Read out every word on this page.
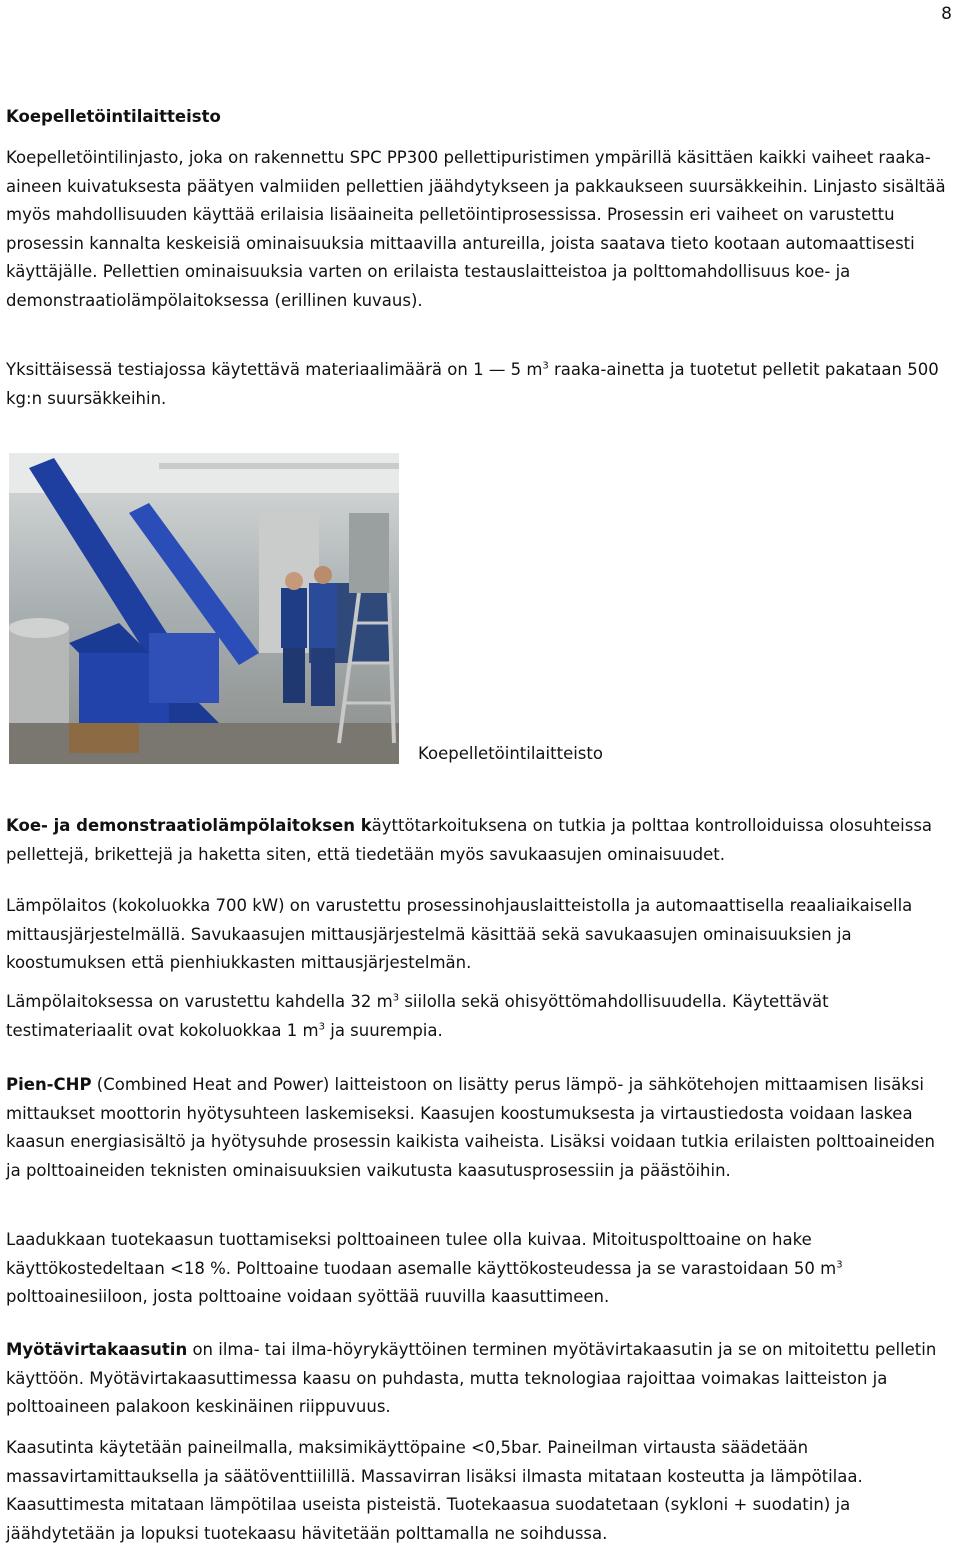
8
Koepelletöintilaitteisto

Koepelletöintilinjasto, joka on rakennettu SPC PP300 pellettipuristimen ympärillä käsittäen kaikki vaiheet raaka-aineen kuivatuksesta päätyen valmiiden pellettien jäähdytykseen ja pakkaukseen suursäkkeihin. Linjasto sisältää myös mahdollisuuden käyttää erilaisia lisäaineita pelletöintiprosessissa. Prosessin eri vaiheet on varustettu prosessin kannalta keskeisiä ominaisuuksia mittaavilla antureilla, joista saatava tieto kootaan automaattisesti käyttäjälle. Pellettien ominaisuuksia varten on erilaista testauslaitteistoa ja polttomahdollisuus koe- ja demonstraatiolämpölaitoksessa (erillinen kuvaus).

Yksittäisessä testiajossa käytettävä materiaalimäärä on 1 — 5 $m^3$ raaka-ainetta ja tuotetut pelletit pakataan 500 kg:n suursäkkeihin.

Koepelletöintilaitteisto

Koe- ja demonstraatiolämpölaitoksen käyttötarkoituksena on tutkia ja polttaa kontrolloiduissa olosuhteissa pellettejä, brikettejä ja haketta siten, että tiedetään myös savukaasujen ominaisuudet.

Lämpölaitos (kokoluokka 700 kW) on varustettu prosessinohjauslaitteistolla ja automaattisella reaaliaikaisella mittausjärjestelmällä. Savukaasujen mittausjärjestelmä käsittää sekä savukaasujen ominaisuuksien ja koostumuksen että pienhiukkasten mittausjärjestelmän.

Lämpölaitoksessa on varustettu kahdella 32 $m^3$ siilolla sekä ohisyöttömahdollisuudella. Käytettävät testimateriaalit ovat kokoluokkaa 1 $m^3$ ja suurempia.

Pien-CHP (Combined Heat and Power) laitteistoon on lisätty perus lämpö- ja sähkötehojen mittaamisen lisäksi mittaukset moottorin hyötysuhteen laskemiseksi. Kaasujen koostumuksesta ja virtaustiedosta voidaan laskea kaasun energiasisältö ja hyötysuhde prosessin kaikista vaiheista. Lisäksi voidaan tutkia erilaisten polttoaineiden ja polttoaineiden teknisten ominaisuuksien vaikutusta kaasutusprosessiin ja päästöihin.

Laadukkaan tuotekaasun tuottamiseksi polttoaineen tulee olla kuivaa. Mitoituspolttoaine on hake käyttökostedeltaan <18 %. Polttoaine tuodaan asemalle käyttökosteudessa ja se varastoidaan 50 $m^3$ polttoainesiiloon, josta polttoaine voidaan syöttää ruuvilla kaasuttimeen.

Myötävirtakaasutin on ilma- tai ilma-höyrykäyttöinen terminen myötävirtakaasutin ja se on mitoitettu pelletin käyttöön. Myötävirtakaasuttimessa kaasu on puhdasta, mutta teknologiaa rajoittaa voimakas laitteiston ja polttoaineen palakoon keskinäinen riippuvuus.

Kaasutinta käytetään paineilmalla, maksimikäyttöpaine <0,5bar. Paineilman virtausta säädetään massavirtamittauksella ja säätöventtiilillä. Massavirran lisäksi ilmasta mitataan kosteutta ja lämpötilaa. Kaasuttimesta mitataan lämpötilaa useista pisteistä. Tuotekaasua suodatetaan (sykloni + suodatin) ja jäähdytetään ja lopuksi tuotekaasu hävitetään polttamalla ne soihdussa.
